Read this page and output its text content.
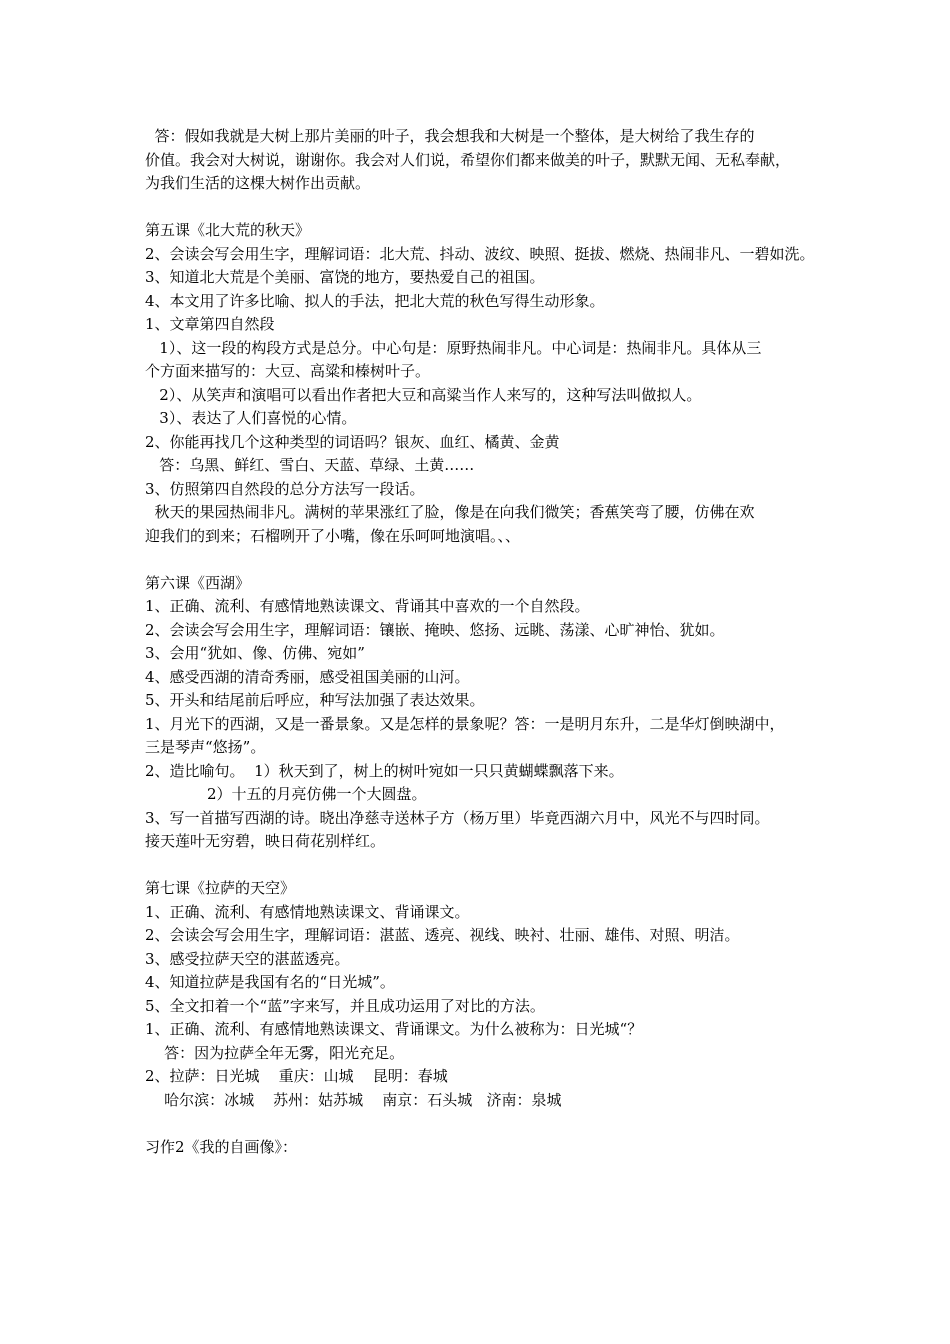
答：假如我就是大树上那片美丽的叶子，我会想我和大树是一个整体，是大树给了我生存的
价值。我会对大树说，谢谢你。我会对人们说，希望你们都来做美的叶子，默默无闻、无私奉献，
为我们生活的这棵大树作出贡献。
第五课《北大荒的秋天》
2、会读会写会用生字，理解词语：北大荒、抖动、波纹、映照、挺拔、燃烧、热闹非凡、一碧如洗。
3、知道北大荒是个美丽、富饶的地方，要热爱自己的祖国。
4、本文用了许多比喻、拟人的手法，把北大荒的秋色写得生动形象。
1、文章第四自然段
1）、这一段的构段方式是总分。中心句是：原野热闹非凡。中心词是：热闹非凡。具体从三
个方面来描写的：大豆、高粱和榛树叶子。
2）、从笑声和演唱可以看出作者把大豆和高粱当作人来写的，这种写法叫做拟人。
3）、表达了人们喜悦的心情。
2、你能再找几个这种类型的词语吗？银灰、血红、橘黄、金黄
答：乌黑、鲜红、雪白、天蓝、草绿、土黄……
3、仿照第四自然段的总分方法写一段话。
秋天的果园热闹非凡。满树的苹果涨红了脸，像是在向我们微笑；香蕉笑弯了腰，仿佛在欢
迎我们的到来；石榴咧开了小嘴，像在乐呵呵地演唱。、、
第六课《西湖》
1、正确、流利、有感情地熟读课文、背诵其中喜欢的一个自然段。
2、会读会写会用生字，理解词语：镶嵌、掩映、悠扬、远眺、荡漾、心旷神怡、犹如。
3、会用“犹如、像、仿佛、宛如”
4、感受西湖的清奇秀丽，感受祖国美丽的山河。
5、开头和结尾前后呼应，种写法加强了表达效果。
1、月光下的西湖，又是一番景象。又是怎样的景象呢？答：一是明月东升，二是华灯倒映湖中，
三是琴声“悠扬”。
2、造比喻句。  1）秋天到了，树上的树叶宛如一只只黄蝴蝶飘落下来。
2）十五的月亮仿佛一个大圆盘。
3、写一首描写西湖的诗。晓出净慈寺送林子方（杨万里）毕竟西湖六月中，风光不与四时同。
接天莲叶无穷碧，映日荷花别样红。
第七课《拉萨的天空》
1、正确、流利、有感情地熟读课文、背诵课文。
2、会读会写会用生字，理解词语：湛蓝、透亮、视线、映衬、壮丽、雄伟、对照、明洁。
3、感受拉萨天空的湛蓝透亮。
4、知道拉萨是我国有名的“日光城”。
5、全文扣着一个“蓝”字来写，并且成功运用了对比的方法。
1、正确、流利、有感情地熟读课文、背诵课文。为什么被称为：日光城“？
答：因为拉萨全年无雾，阳光充足。
2、拉萨：日光城    重庆：山城    昆明：春城
哈尔滨：冰城    苏州：姑苏城    南京：石头城   济南：泉城
习作2《我的自画像》：
